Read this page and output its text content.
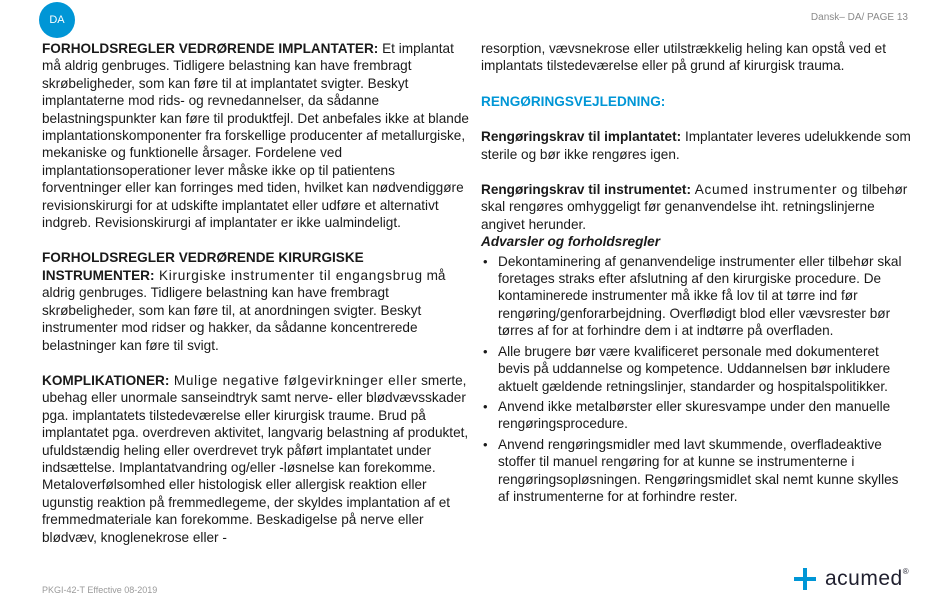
DA	Dansk– DA/ PAGE 13

FORHOLDSREGLER VEDRØRENDE IMPLANTATER: Et implantat må aldrig genbruges. Tidligere belastning kan have frembragt skrøbeligheder, som kan føre til at implantatet svigter. Beskyt implantaterne mod rids- og revnedannelser, da sådanne belastningspunkter kan føre til produktfejl. Det anbefales ikke at blande implantationskomponenter fra forskellige producenter af metallurgiske, mekaniske og funktionelle årsager. Fordelene ved implantationsoperationer lever måske ikke op til patientens forventninger eller kan forringes med tiden, hvilket kan nødvendiggøre revisionskirurgi for at udskifte implantatet eller udføre et alternativt indgreb. Revisionskirurgi af implantater er ikke ualmindeligt.

FORHOLDSREGLER VEDRØRENDE KIRURGISKE INSTRUMENTER: Kirurgiske instrumenter til engangsbrug må aldrig genbruges. Tidligere belastning kan have frembragt skrøbeligheder, som kan føre til, at anordningen svigter. Beskyt instrumenter mod ridser og hakker, da sådanne koncentrerede belastninger kan føre til svigt.

KOMPLIKATIONER: Mulige negative følgevirkninger eller smerte, ubehag eller unormale sanseindtryk samt nerve- eller blødvævsskader pga. implantatets tilstedeværelse eller kirurgisk traume. Brud på implantatet pga. overdreven aktivitet, langvarig belastning af produktet, ufuldstændig heling eller overdrevet tryk påført implantatet under indsættelse. Implantatvandring og/eller -løsnelse kan forekomme. Metaloverfølsomhed eller histologisk eller allergisk reaktion eller ugunstig reaktion på fremmedlegeme, der skyldes implantation af et fremmedmateriale kan forekomme. Beskadigelse på nerve eller blødvæv, knoglenekrose eller -

resorption, vævsnekrose eller utilstrækkelig heling kan opstå ved et implantats tilstedeværelse eller på grund af kirurgisk trauma.

RENGØRINGSVEJLEDNING:

Rengøringskrav til implantatet: Implantater leveres udelukkende som sterile og bør ikke rengøres igen.

Rengøringskrav til instrumentet: Acumed instrumenter og tilbehør skal rengøres omhyggeligt før genanvendelse iht. retningslinjerne angivet herunder.

Advarsler og forholdsregler

• Dekontaminering af genanvendelige instrumenter eller tilbehør skal foretages straks efter afslutning af den kirurgiske procedure. De kontaminerede instrumenter må ikke få lov til at tørre ind før rengøring/genforarbejdning. Overflødigt blod eller vævsrester bør tørres af for at forhindre dem i at indtørre på overfladen.
• Alle brugere bør være kvalificeret personale med dokumenteret bevis på uddannelse og kompetence. Uddannelsen bør inkludere aktuelt gældende retningslinjer, standarder og hospitalspolitikker.
• Anvend ikke metalbørster eller skuresvampe under den manuelle rengøringsprocedure.
• Anvend rengøringsmidler med lavt skummende, overfladeaktive stoffer til manuel rengøring for at kunne se instrumenterne i rengøringsopløsningen. Rengøringsmidlet skal nemt kunne skylles af instrumenterne for at forhindre rester.
PKGI-42-T Effective 08-2019	acumed®
